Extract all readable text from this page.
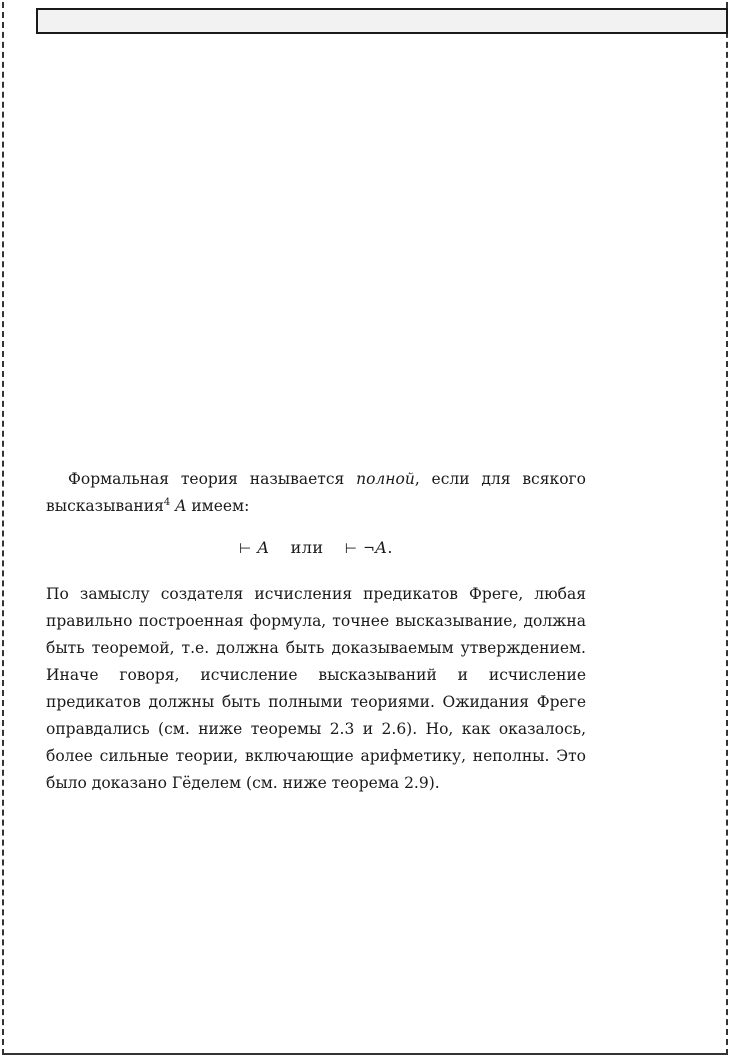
Формальная теория называется полной, если для всякого высказывания$^4$ A имеем:

⊢ A или ⊢ ¬A.

По замыслу создателя исчисления предикатов Фреге, любая правильно построенная формула, точнее высказывание, должна быть теоремой, т.е. должна быть доказываемым утверждением. Иначе говоря, исчисление высказываний и исчисление предикатов должны быть полными теориями. Ожидания Фреге оправдались (см. ниже теоремы 2.3 и 2.6). Но, как оказалось, более сильные теории, включающие арифметику, неполны. Это было доказано Гёделем (см. ниже теорема 2.9).
